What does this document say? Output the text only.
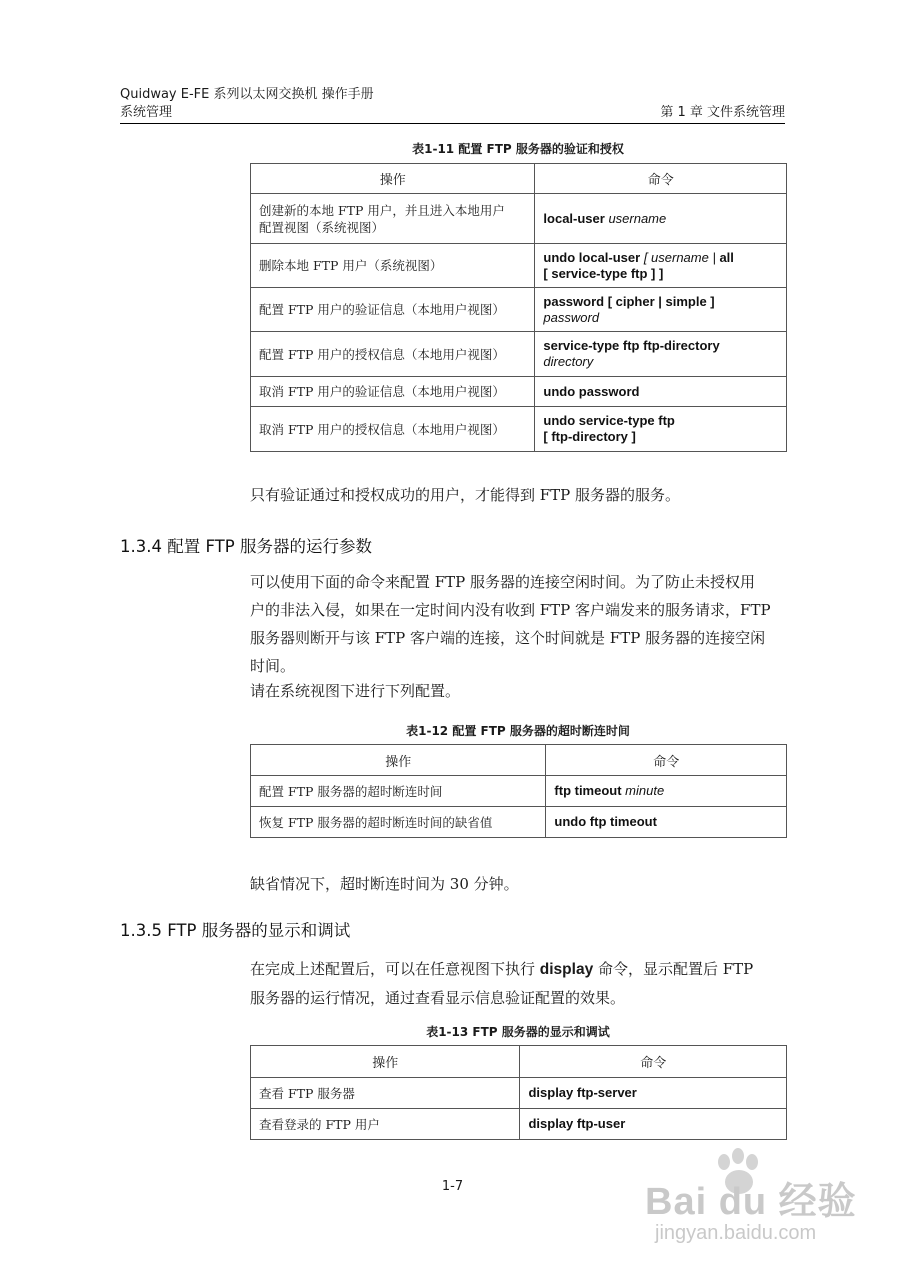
Quidway E-FE 系列以太网交换机 操作手册
系统管理	第 1 章 文件系统管理
表1-11 配置 FTP 服务器的验证和授权
操作	命令
创建新的本地 FTP 用户，并且进入本地用户
配置视图（系统视图）	local-user username
删除本地 FTP 用户（系统视图）	undo local-user [ username | all
[ service-type ftp ] ]
配置 FTP 用户的验证信息（本地用户视图）	password [ cipher | simple ]
password
配置 FTP 用户的授权信息（本地用户视图）	service-type ftp ftp-directory
directory
取消 FTP 用户的验证信息（本地用户视图）	undo password
取消 FTP 用户的授权信息（本地用户视图）	undo service-type ftp
[ ftp-directory ]
只有验证通过和授权成功的用户，才能得到 FTP 服务器的服务。
1.3.4 配置 FTP 服务器的运行参数
可以使用下面的命令来配置 FTP 服务器的连接空闲时间。为了防止未授权用
户的非法入侵，如果在一定时间内没有收到 FTP 客户端发来的服务请求，FTP
服务器则断开与该 FTP 客户端的连接，这个时间就是 FTP 服务器的连接空闲
时间。
请在系统视图下进行下列配置。
表1-12 配置 FTP 服务器的超时断连时间
操作	命令
配置 FTP 服务器的超时断连时间	ftp timeout minute
恢复 FTP 服务器的超时断连时间的缺省值	undo ftp timeout
缺省情况下，超时断连时间为 30 分钟。
1.3.5 FTP 服务器的显示和调试
在完成上述配置后，可以在任意视图下执行 display 命令，显示配置后 FTP
服务器的运行情况，通过查看显示信息验证配置的效果。
表1-13 FTP 服务器的显示和调试
操作	命令
查看 FTP 服务器	display ftp-server
查看登录的 FTP 用户	display ftp-user
1-7	Bai du 经验
jingyan.baidu.com
